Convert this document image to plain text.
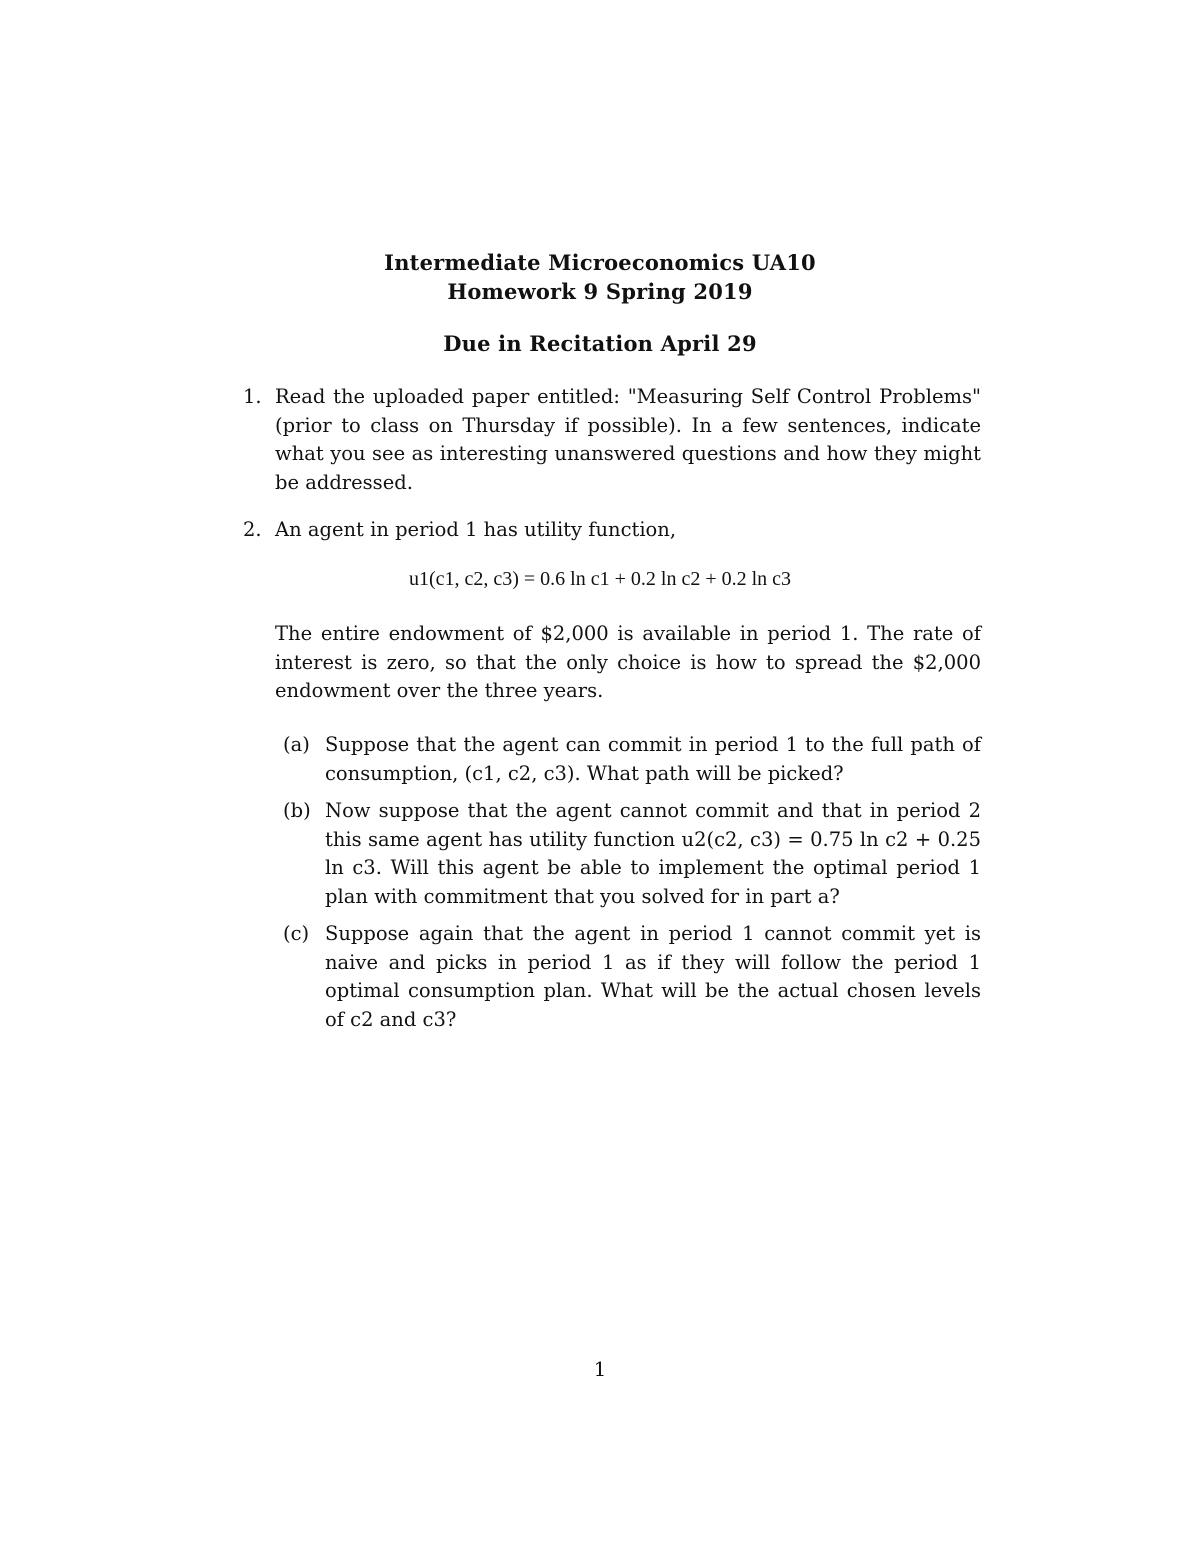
Intermediate Microeconomics UA10
Homework 9 Spring 2019
Due in Recitation April 29
1. Read the uploaded paper entitled: "Measuring Self Control Problems" (prior to class on Thursday if possible). In a few sentences, indicate what you see as interesting unanswered questions and how they might be addressed.
2. An agent in period 1 has utility function,
u1(c1, c2, c3) = 0.6 ln c1 + 0.2 ln c2 + 0.2 ln c3
The entire endowment of $2,000 is available in period 1. The rate of interest is zero, so that the only choice is how to spread the $2,000 endowment over the three years.
(a) Suppose that the agent can commit in period 1 to the full path of consumption, (c1, c2, c3). What path will be picked?
(b) Now suppose that the agent cannot commit and that in period 2 this same agent has utility function u2(c2, c3) = 0.75 ln c2 + 0.25 ln c3. Will this agent be able to implement the optimal period 1 plan with commitment that you solved for in part a?
(c) Suppose again that the agent in period 1 cannot commit yet is naive and picks in period 1 as if they will follow the period 1 optimal consumption plan. What will be the actual chosen levels of c2 and c3?
1
